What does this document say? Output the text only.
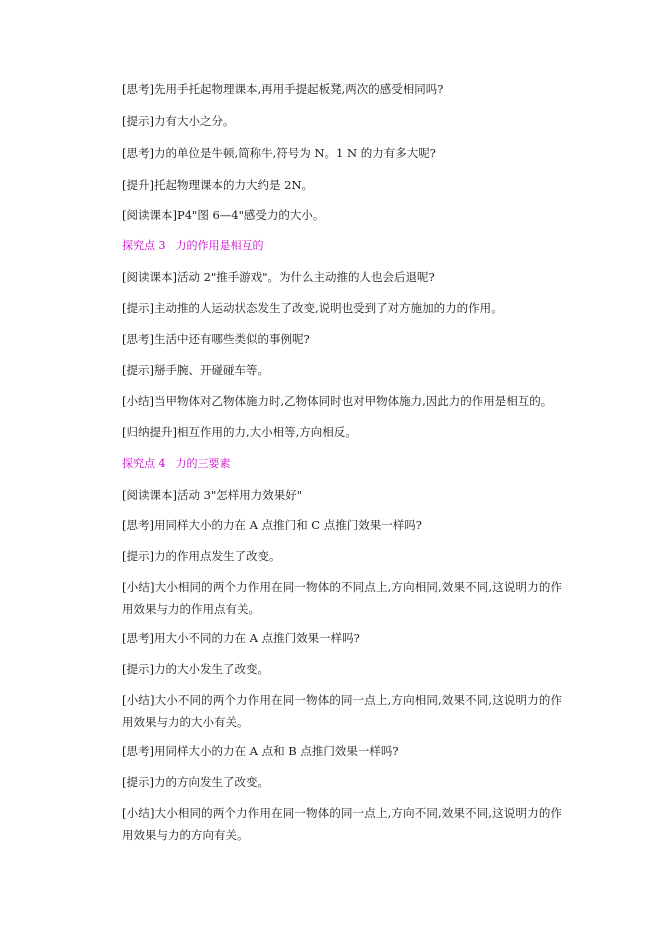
[思考]先用手托起物理课本,再用手提起板凳,两次的感受相同吗?
[提示]力有大小之分。
[思考]力的单位是牛顿,简称牛,符号为 N。1 N 的力有多大呢?
[提升]托起物理课本的力大约是 2N。
[阅读课本]P4"图 6—4"感受力的大小。
探究点 3 力的作用是相互的
[阅读课本]活动 2"推手游戏"。为什么主动推的人也会后退呢?
[提示]主动推的人运动状态发生了改变,说明也受到了对方施加的力的作用。
[思考]生活中还有哪些类似的事例呢?
[提示]掰手腕、开碰碰车等。
[小结]当甲物体对乙物体施力时,乙物体同时也对甲物体施力,因此力的作用是相互的。
[归纳提升]相互作用的力,大小相等,方向相反。
探究点 4 力的三要素
[阅读课本]活动 3"怎样用力效果好"
[思考]用同样大小的力在 A 点推门和 C 点推门效果一样吗?
[提示]力的作用点发生了改变。
[小结]大小相同的两个力作用在同一物体的不同点上,方向相同,效果不同,这说明力的作用效果与力的作用点有关。
[思考]用大小不同的力在 A 点推门效果一样吗?
[提示]力的大小发生了改变。
[小结]大小不同的两个力作用在同一物体的同一点上,方向相同,效果不同,这说明力的作用效果与力的大小有关。
[思考]用同样大小的力在 A 点和 B 点推门效果一样吗?
[提示]力的方向发生了改变。
[小结]大小相同的两个力作用在同一物体的同一点上,方向不同,效果不同,这说明力的作用效果与力的方向有关。
